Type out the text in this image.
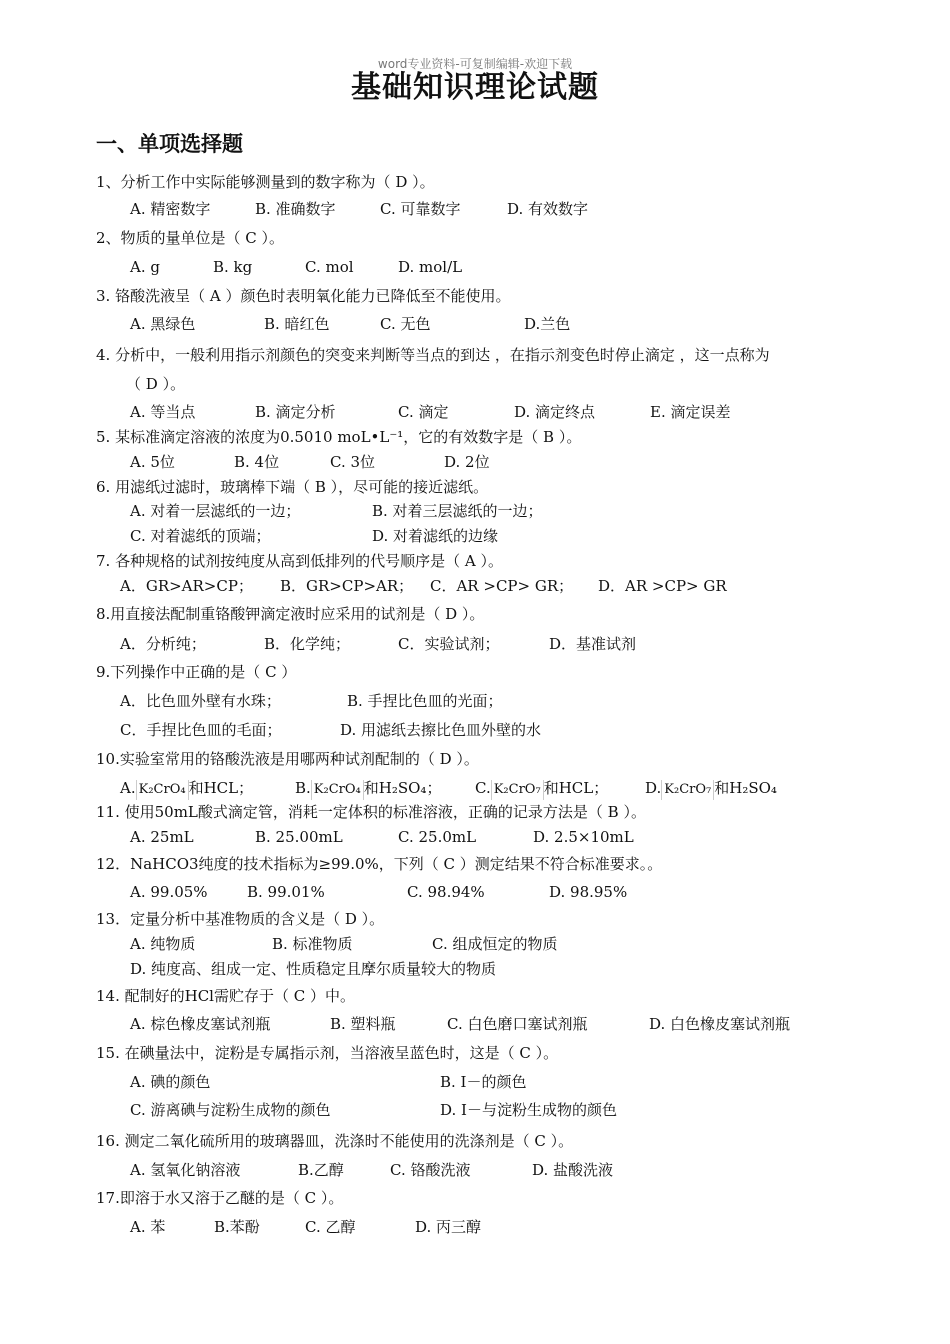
word专业资料-可复制编辑-欢迎下载
基础知识理论试题
一、单项选择题
1、分析工作中实际能够测量到的数字称为（ D ）。
A. 精密数字	B. 准确数字	C. 可靠数字	D. 有效数字
2、物质的量单位是（ C ）。
A. g	B. kg	C. mol	D. mol/L
3. 铬酸洗液呈（ A ）颜色时表明氧化能力已降低至不能使用。
A. 黑绿色	B. 暗红色	C. 无色	D.兰色
4. 分析中，一般利用指示剂颜色的突变来判断等当点的到达 ，在指示剂变色时停止滴定 ，这一点称为
（ D ）。
A. 等当点	B. 滴定分析	C. 滴定	D. 滴定终点	E. 滴定误差
5. 某标准滴定溶液的浓度为0.5010 moL•L⁻¹，它的有效数字是（ B ）。
A. 5位	B. 4位	C. 3位	D. 2位
6. 用滤纸过滤时，玻璃棒下端（ B ），尽可能的接近滤纸。
A. 对着一层滤纸的一边；	B. 对着三层滤纸的一边；
C. 对着滤纸的顶端；	D. 对着滤纸的边缘
7. 各种规格的试剂按纯度从高到低排列的代号顺序是（ A ）。
A．GR>AR>CP； B．GR>CP>AR； C．AR >CP> GR； D．AR >CP> GR
8.用直接法配制重铬酸钾滴定液时应采用的试剂是（ D ）。
A．分析纯；	B．化学纯；	C．实验试剂；	D．基准试剂
9.下列操作中正确的是（ C ）
A．比色皿外壁有水珠；	B. 手捏比色皿的光面；
C．手捏比色皿的毛面；	D. 用滤纸去擦比色皿外壁的水
10.实验室常用的铬酸洗液是用哪两种试剂配制的（ D ）。
11. 使用50mL酸式滴定管，消耗一定体积的标准溶液，正确的记录方法是（ B ）。
A. 25mL	B. 25.00mL	C. 25.0mL	D. 2.5×10mL
12．NaHCO3纯度的技术指标为≥99.0%，下列（ C ）测定结果不符合标准要求。。
A. 99.05%	B. 99.01%	C. 98.94%	D. 98.95%
13．定量分析中基准物质的含义是（ D ）。
A. 纯物质	B. 标准物质	C. 组成恒定的物质
D. 纯度高、组成一定、性质稳定且摩尔质量较大的物质
14. 配制好的HCl需贮存于（ C ）中。
A. 棕色橡皮塞试剂瓶	B. 塑料瓶	C. 白色磨口塞试剂瓶	D. 白色橡皮塞试剂瓶
15. 在碘量法中，淀粉是专属指示剂，当溶液呈蓝色时，这是（ C ）。
A. 碘的颜色	B. I－的颜色
C. 游离碘与淀粉生成物的颜色	D. I－与淀粉生成物的颜色
16. 测定二氧化硫所用的玻璃器皿，洗涤时不能使用的洗涤剂是（ C ）。
A. 氢氧化钠溶液	B.乙醇	C. 铬酸洗液	D. 盐酸洗液
17.即溶于水又溶于乙醚的是（ C ）。
A. 苯	B.苯酚	C. 乙醇	D. 丙三醇
A. K₂CrO₄ 和HCL；	B. K₂CrO₄ 和H₂SO₄； C. K₂CrO₇ 和HCL； D. K₂CrO₇ 和H₂SO₄
